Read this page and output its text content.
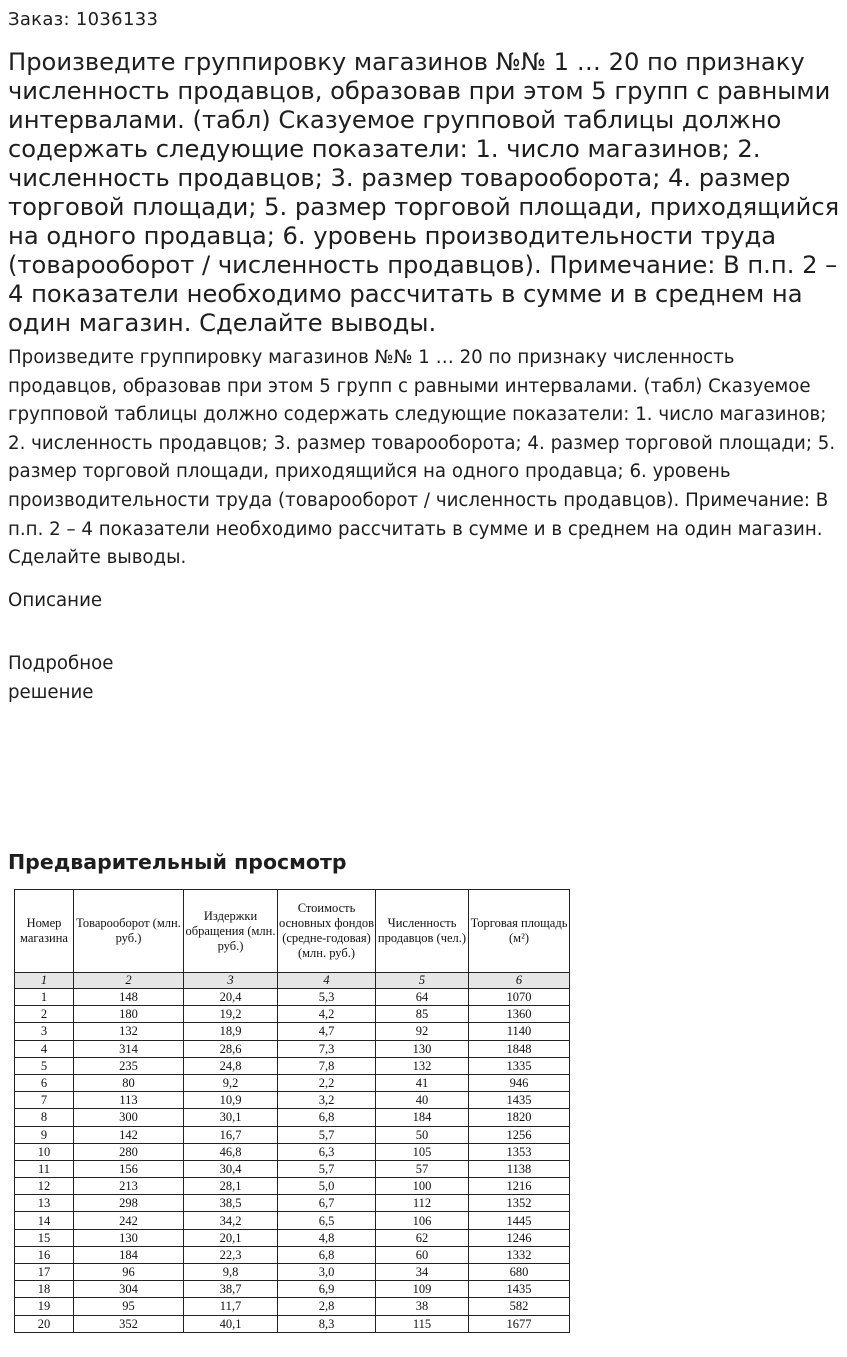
Заказ: 1036133
Произведите группировку магазинов №№ 1 … 20 по признаку численность продавцов, образовав при этом 5 групп с равными интервалами. (табл) Сказуемое групповой таблицы должно содержать следующие показатели: 1. число магазинов; 2. численность продавцов; 3. размер товарооборота; 4. размер торговой площади; 5. размер торговой площади, приходящийся на одного продавца; 6. уровень производительности труда (товарооборот / численность продавцов). Примечание: В п.п. 2 – 4 показатели необходимо рассчитать в сумме и в среднем на один магазин. Сделайте выводы.

Произведите группировку магазинов №№ 1 … 20 по признаку численность продавцов, образовав при этом 5 групп с равными интервалами. (табл) Сказуемое групповой таблицы должно содержать следующие показатели: 1. число магазинов; 2. численность продавцов; 3. размер товарооборота; 4. размер торговой площади; 5. размер торговой площади, приходящийся на одного продавца; 6. уровень производительности труда (товарооборот / численность продавцов). Примечание: В п.п. 2 – 4 показатели необходимо рассчитать в сумме и в среднем на один магазин. Сделайте выводы.

Описание
Подробное решение
Предварительный просмотр
Номер магазина	Товарооборот (млн. руб.)	Издержки обращения (млн. руб.)	Стоимость основных фондов (средне-годовая) (млн. руб.)	Численность продавцов (чел.)	Торговая площадь (м²)
1	2	3	4	5	6
1	148	20,4	5,3	64	1070
2	180	19,2	4,2	85	1360
3	132	18,9	4,7	92	1140
4	314	28,6	7,3	130	1848
5	235	24,8	7,8	132	1335
6	80	9,2	2,2	41	946
7	113	10,9	3,2	40	1435
8	300	30,1	6,8	184	1820
9	142	16,7	5,7	50	1256
10	280	46,8	6,3	105	1353
11	156	30,4	5,7	57	1138
12	213	28,1	5,0	100	1216
13	298	38,5	6,7	112	1352
14	242	34,2	6,5	106	1445
15	130	20,1	4,8	62	1246
16	184	22,3	6,8	60	1332
17	96	9,8	3,0	34	680
18	304	38,7	6,9	109	1435
19	95	11,7	2,8	38	582
20	352	40,1	8,3	115	1677
